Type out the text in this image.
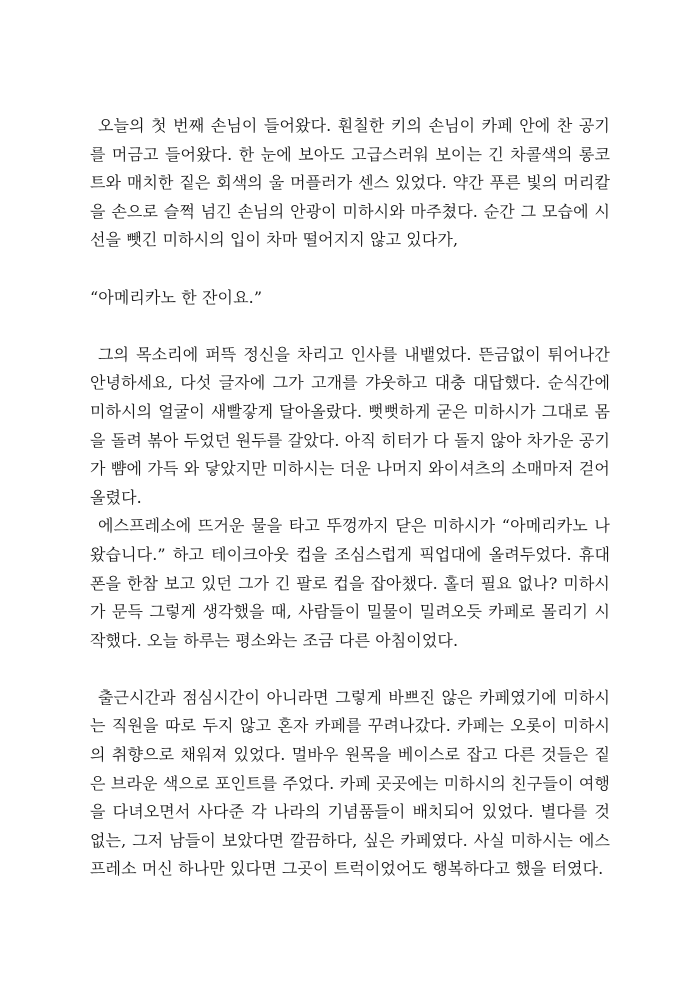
오늘의 첫 번째 손님이 들어왔다. 훤칠한 키의 손님이 카페 안에 찬 공기를 머금고 들어왔다. 한 눈에 보아도 고급스러워 보이는 긴 차콜색의 롱코트와 매치한 짙은 회색의 울 머플러가 센스 있었다. 약간 푸른 빛의 머리칼을 손으로 슬쩍 넘긴 손님의 안광이 미하시와 마주쳤다. 순간 그 모습에 시선을 뺏긴 미하시의 입이 차마 떨어지지 않고 있다가,

“아메리카노 한 잔이요.”

그의 목소리에 퍼뜩 정신을 차리고 인사를 내뱉었다. 뜬금없이 튀어나간 안녕하세요, 다섯 글자에 그가 고개를 갸웃하고 대충 대답했다. 순식간에 미하시의 얼굴이 새빨갛게 달아올랐다. 뻣뻣하게 굳은 미하시가 그대로 몸을 돌려 볶아 두었던 원두를 갈았다. 아직 히터가 다 돌지 않아 차가운 공기가 뺨에 가득 와 닿았지만 미하시는 더운 나머지 와이셔츠의 소매마저 걷어 올렸다.

에스프레소에 뜨거운 물을 타고 뚜껑까지 닫은 미하시가 “아메리카노 나왔습니다.” 하고 테이크아웃 컵을 조심스럽게 픽업대에 올려두었다. 휴대폰을 한참 보고 있던 그가 긴 팔로 컵을 잡아챘다. 홀더 필요 없나? 미하시가 문득 그렇게 생각했을 때, 사람들이 밀물이 밀려오듯 카페로 몰리기 시작했다. 오늘 하루는 평소와는 조금 다른 아침이었다.

출근시간과 점심시간이 아니라면 그렇게 바쁘진 않은 카페였기에 미하시는 직원을 따로 두지 않고 혼자 카페를 꾸려나갔다. 카페는 오롯이 미하시의 취향으로 채워져 있었다. 멀바우 원목을 베이스로 잡고 다른 것들은 짙은 브라운 색으로 포인트를 주었다. 카페 곳곳에는 미하시의 친구들이 여행을 다녀오면서 사다준 각 나라의 기념품들이 배치되어 있었다. 별다를 것 없는, 그저 남들이 보았다면 깔끔하다, 싶은 카페였다. 사실 미하시는 에스프레소 머신 하나만 있다면 그곳이 트럭이었어도 행복하다고 했을 터였다.
